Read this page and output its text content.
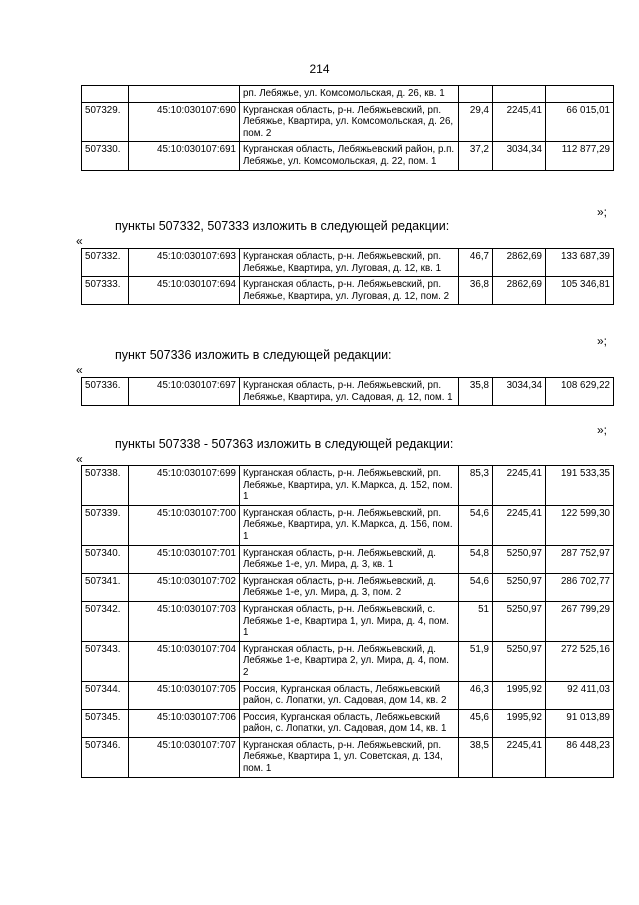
214
		рп. Лебяжье, ул. Комсомольская, д. 26, кв. 1			
507329.	45:10:030107:690	Курганская область, р-н. Лебяжьевский, рп. Лебяжье, Квартира, ул. Комсомольская, д. 26, пом. 2	29,4	2245,41	66 015,01
507330.	45:10:030107:691	Курганская область, Лебяжьевский район, р.п. Лебяжье, ул. Комсомольская, д. 22, пом. 1	37,2	3034,34	112 877,29
»;
пункты 507332, 507333 изложить в следующей редакции:
«
507332.	45:10:030107:693	Курганская область, р-н. Лебяжьевский, рп. Лебяжье, Квартира, ул. Луговая, д. 12, кв. 1	46,7	2862,69	133 687,39
507333.	45:10:030107:694	Курганская область, р-н. Лебяжьевский, рп. Лебяжье, Квартира, ул. Луговая, д. 12, пом. 2	36,8	2862,69	105 346,81
»;
пункт 507336 изложить в следующей редакции:
«
507336.	45:10:030107:697	Курганская область, р-н. Лебяжьевский, рп. Лебяжье, Квартира, ул. Садовая, д. 12, пом. 1	35,8	3034,34	108 629,22
»;
пункты 507338 - 507363 изложить в следующей редакции:
«
507338.	45:10:030107:699	Курганская область, р-н. Лебяжьевский, рп. Лебяжье, Квартира, ул. К.Маркса, д. 152, пом. 1	85,3	2245,41	191 533,35
507339.	45:10:030107:700	Курганская область, р-н. Лебяжьевский, рп. Лебяжье, Квартира, ул. К.Маркса, д. 156, пом. 1	54,6	2245,41	122 599,30
507340.	45:10:030107:701	Курганская область, р-н. Лебяжьевский, д. Лебяжье 1-е, ул. Мира, д. 3, кв. 1	54,8	5250,97	287 752,97
507341.	45:10:030107:702	Курганская область, р-н. Лебяжьевский, д. Лебяжье 1-е, ул. Мира, д. 3, пом. 2	54,6	5250,97	286 702,77
507342.	45:10:030107:703	Курганская область, р-н. Лебяжьевский, с. Лебяжье 1-е, Квартира 1, ул. Мира, д. 4, пом. 1	51	5250,97	267 799,29
507343.	45:10:030107:704	Курганская область, р-н. Лебяжьевский, д. Лебяжье 1-е, Квартира 2, ул. Мира, д. 4, пом. 2	51,9	5250,97	272 525,16
507344.	45:10:030107:705	Россия, Курганская область, Лебяжьевский район, с. Лопатки, ул. Садовая, дом 14, кв. 2	46,3	1995,92	92 411,03
507345.	45:10:030107:706	Россия, Курганская область, Лебяжьевский район, с. Лопатки, ул. Садовая, дом 14, кв. 1	45,6	1995,92	91 013,89
507346.	45:10:030107:707	Курганская область, р-н. Лебяжьевский, рп. Лебяжье, Квартира 1, ул. Советская, д. 134, пом. 1	38,5	2245,41	86 448,23
